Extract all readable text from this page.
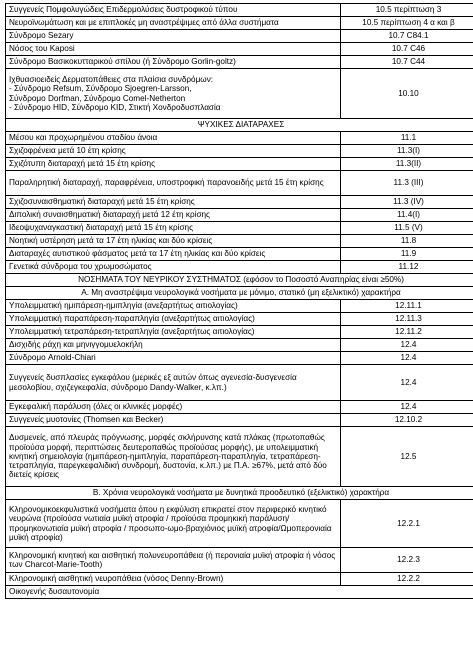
Συγγενείς Πομφολυγώδεις Επιδερμολύσεις δυστροφικού τύπου	10.5 περίπτωση 3
Νευροϊνωμάτωση και με επιπλοκές μη αναστρέψιμες από άλλα συστήματα	10.5 περίπτωση 4 α και β
Σύνδρομο Sezary	10.7 C84.1
Νόσος του Kaposi	10.7 C46
Σύνδρομο Βασικοκυτταρικού σπίλου (ή Σύνδρομο Gorlin-goltz)	10.7 C44
Ιχθυασιοειδείς Δερματοπάθειες στα πλαίσια συνδρόμων:
- Σύνδρομο Refsum, Σύνδρομο Sjoegren-Larsson,
Σύνδρομο Dorfman, Σύνδρομο Comel-Netherton
- Σύνδρομο HID, Σύνδρομο KID, Στικτή Χονδροδυσπλασία	10.10
ΨΥΧΙΚΕΣ ΔΙΑΤΑΡΑΧΕΣ	
Μέσου και προχωρημένου σταδίου άνοια	11.1
Σχιζοφρένεια μετά 10 έτη κρίσης	11.3(I)
Σχιζότυπη διαταραχή μετά 15 έτη κρίσης	11.3(II)
Παραληρητική διαταραχή, παραφρένεια, υποστροφική παρανοειδής μετά 15 έτη κρίσης	11.3 (III)
Σχιζοσυναισθηματική διαταραχή μετά 15 έτη κρίσης	11.3 (IV)
Διπολική συναισθηματική διαταραχή μετά 12 έτη κρίσης	11.4(I)
Ιδεοψυχαναγκαστική διαταραχή μετά 15 έτη κρίσης	11.5 (V)
Νοητική υστέρηση μετά τα 17 έτη ηλικίας και δύο κρίσεις	11.8
Διαταραχές αυτιστικού φάσματος μετά τα 17 έτη ηλικίας και δύο κρίσεις	11.9
Γενετικά σύνδρομα του χρωμοσώματος	11.12
ΝΟΣΗΜΑΤΑ ΤΟΥ ΝΕΥΡΙΚΟΥ ΣΥΣΤΗΜΑΤΟΣ (εφόσον το Ποσοστό Αναπηρίας είναι ≥50%)	
Α. Μη αναστρέψιμα νευρολογικά νοσήματα με μόνιμο, στατικό (μη εξελικτικό) χαρακτήρα	
Υπολειμματική ημιπάρεση-ημιπληγία (ανεξαρτήτως αιτιολογίας)	12.11.1
Υπολειμματική παραπάρεση-παραπληγία (ανεξαρτήτως αιτιολογίας)	12.11.3
Υπολειμματική τετραπάρεση-τετραπληγία (ανεξαρτήτως αιτιολογίας)	12.11.2
Δισχιδής ράχη και μηνιγγομυελοκήλη	12.4
Σύνδρομο Arnold-Chiari	12.4
Συγγενείς δυσπλασίες εγκεφάλου (μερικές εξ αυτών όπως αγενεσία-δυσγενεσία μεσολοβίου, σχιζεγκεφαλία, σύνδρομο Dandy-Walker, κ.λπ.)	12.4
Εγκεφαλική παράλυση (όλες οι κλινικές μορφές)	12.4
Συγγενείς μυοτονίες (Thomsen και Becker)	12.10.2
Δυσμενείς, από πλευράς πρόγνωσης, μορφές σκλήρυνσης κατά πλάκας (πρωτοπαθώς προϊούσα μορφή, περιπτώσεις δευτεροπαθώς προϊούσας μορφής), με υπολειμματική κινητική σημειολογία (ημιπάρεση-ημιπληγία, παραπάρεση-παραπληγία, τετραπάρεση-τετραπληγία, παρεγκεφαλιδική συνδρομή, δυστονία, κ.λπ.) με Π.Α. ≥67%, μετά από δύο διετείς κρίσεις	12.5
Β. Χρόνια νευρολογικά νοσήματα με δυνητικά προοδευτικό (εξελικτικό) χαρακτήρα	
Κληρονομικοεκφυλιστικά νοσήματα όπου η εκφύλιση επικρατεί στον περιφερικό κινητικό νευρώνα (προϊούσα νωτιαία μυϊκή ατροφία / προϊούσα προμηκική παράλυση/προμηκονωτιαία μυϊκή ατροφία / προσωπο-ωμο-βραχιόνιος μυϊκή ατροφία/Ωμοπερονιαία μυϊκή ατροφία)	12.2.1
Κληρονομική κινητική και αισθητική πολυνευροπάθεια (ή περονιαία μυϊκή ατροφία ή νόσος των Charcot-Marie-Tooth)	12.2.3
Κληρονομική αισθητική νευροπάθεια (νόσος Denny-Brown)	12.2.2
Οικογενής δυσαυτονομία	
